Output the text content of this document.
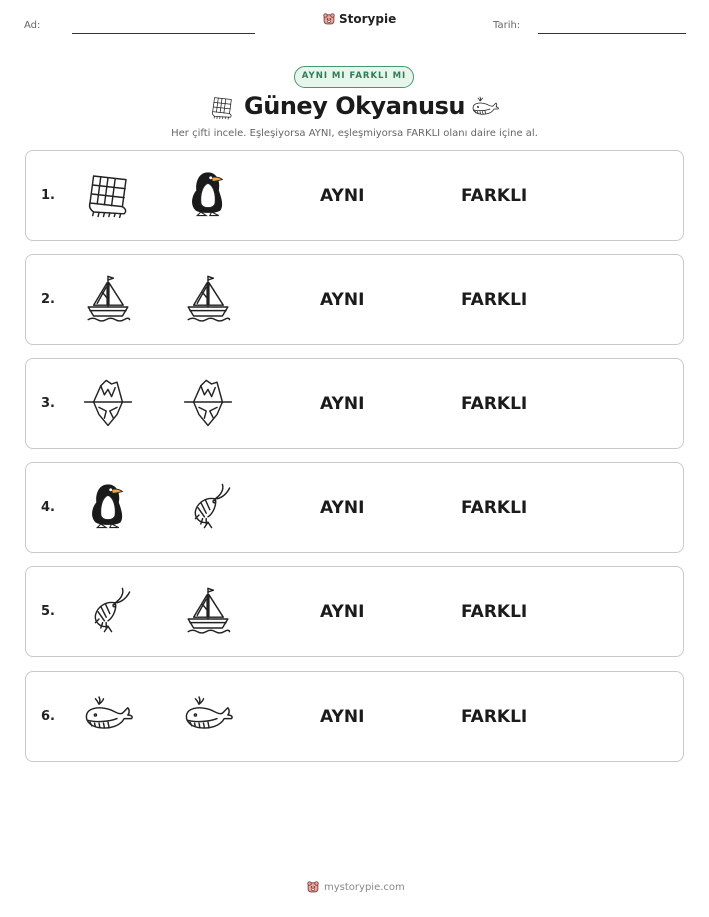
Ad:	Storypie	Tarih:
AYNI MI FARKLI MI
Güney Okyanusu
Her çifti incele. Eşleşiyorsa AYNI, eşleşmiyorsa FARKLI olanı daire içine al.
1.	AYNI	FARKLI
2.	AYNI	FARKLI
3.	AYNI	FARKLI
4.	AYNI	FARKLI
5.	AYNI	FARKLI
6.	AYNI	FARKLI
mystorypie.com
